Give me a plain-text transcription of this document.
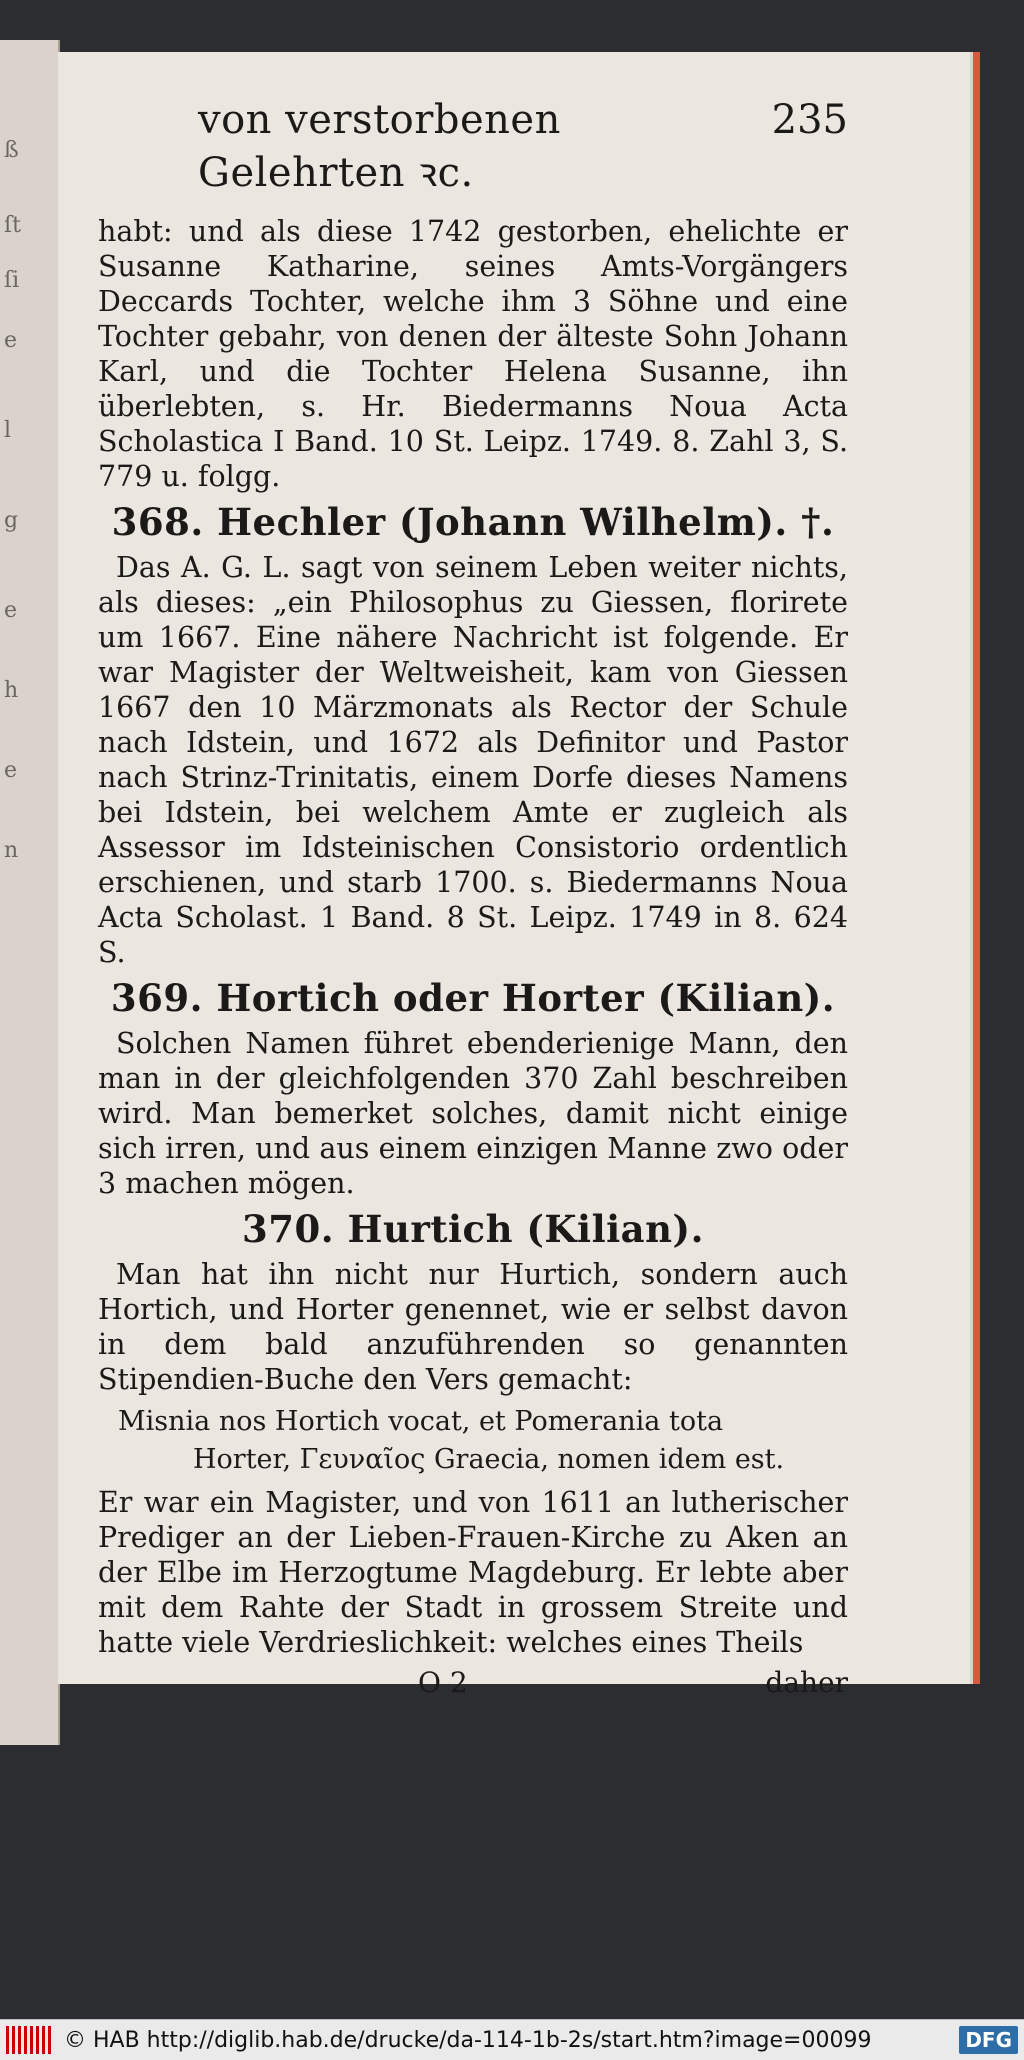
ß
ſt
ſi
e
l
g
e
h
e
n
von verstorbenen Gelehrten ꝛc.
235

habt: und als diese 1742 gestorben, ehelichte er Susanne Katharine, seines Amts-Vorgängers Deccards Tochter, welche ihm 3 Söhne und eine Tochter gebahr, von denen der älteste Sohn Johann Karl, und die Tochter Helena Susanne, ihn überlebten, s. Hr. Biedermanns Noua Acta Scholastica I Band. 10 St. Leipz. 1749. 8. Zahl 3, S. 779 u. folgg.

368. Hechler (Johann Wilhelm). †.

Das A. G. L. sagt von seinem Leben weiter nichts, als dieses: „ein Philosophus zu Giessen, florirete um 1667. Eine nähere Nachricht ist folgende. Er war Magister der Weltweisheit, kam von Giessen 1667 den 10 Märzmonats als Rector der Schule nach Idstein, und 1672 als Definitor und Pastor nach Strinz-Trinitatis, einem Dorfe dieses Namens bei Idstein, bei welchem Amte er zugleich als Assessor im Idsteinischen Consistorio ordentlich erschienen, und starb 1700. s. Biedermanns Noua Acta Scholast. 1 Band. 8 St. Leipz. 1749 in 8. 624 S.

369. Hortich oder Horter (Kilian).

Solchen Namen führet ebenderienige Mann, den man in der gleichfolgenden 370 Zahl beschreiben wird. Man bemerket solches, damit nicht einige sich irren, und aus einem einzigen Manne zwo oder 3 machen mögen.

370. Hurtich (Kilian).

Man hat ihn nicht nur Hurtich, sondern auch Hortich, und Horter genennet, wie er selbst davon in dem bald anzuführenden so genannten Stipendien-Buche den Vers gemacht:

Misnia nos Hortich vocat, et Pomerania tota
Horter, Γευναῖος Graecia, nomen idem est.

Er war ein Magister, und von 1611 an lutherischer Prediger an der Lieben-Frauen-Kirche zu Aken an der Elbe im Herzogtume Magdeburg. Er lebte aber mit dem Rahte der Stadt in grossem Streite und hatte viele Verdrieslichkeit: welches eines Theils

O 2	daher
© HAB http://diglib.hab.de/drucke/da-114-1b-2s/start.htm?image=00099	DFG
